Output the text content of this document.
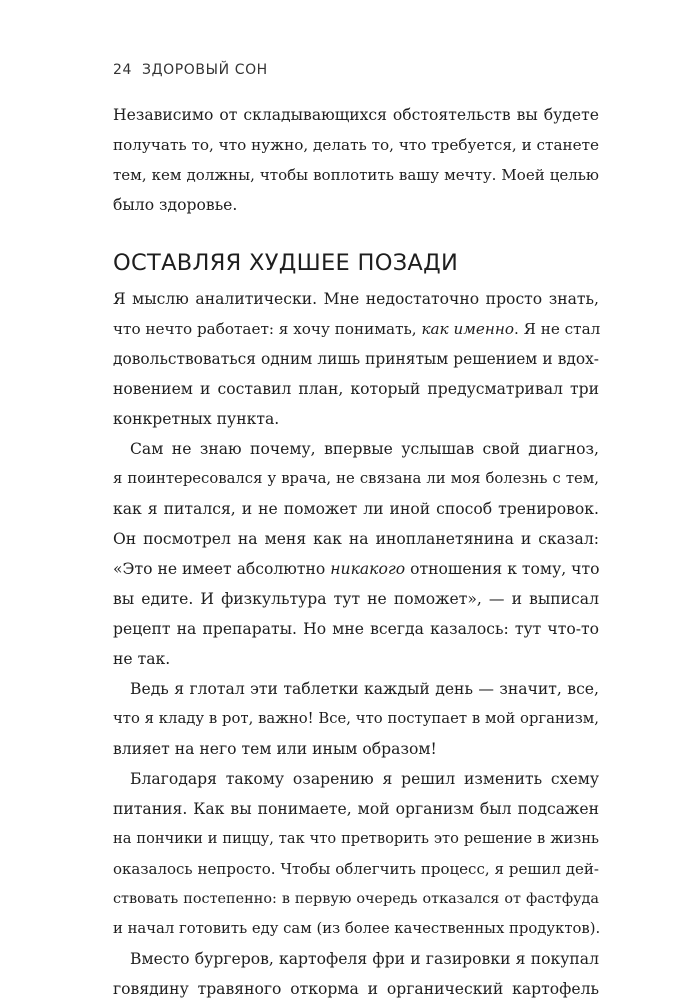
24 ЗДОРОВЫЙ СОН
Независимо от складывающихся обстоятельств вы будете
получать то, что нужно, делать то, что требуется, и станете
тем, кем должны, чтобы воплотить вашу мечту. Моей целью
было здоровье.
ОСТАВЛЯЯ ХУДШЕЕ ПОЗАДИ
Я мыслю аналитически. Мне недостаточно просто знать,
что нечто работает: я хочу понимать, как именно. Я не стал
довольствоваться одним лишь принятым решением и вдох-
новением и составил план, который предусматривал три
конкретных пункта.
Сам не знаю почему, впервые услышав свой диагноз,
я поинтересовался у врача, не связана ли моя болезнь с тем,
как я питался, и не поможет ли иной способ тренировок.
Он посмотрел на меня как на инопланетянина и сказал:
«Это не имеет абсолютно никакого отношения к тому, что
вы едите. И физкультура тут не поможет», — и выписал
рецепт на препараты. Но мне всегда казалось: тут что-то
не так.
Ведь я глотал эти таблетки каждый день — значит, все,
что я кладу в рот, важно! Все, что поступает в мой организм,
влияет на него тем или иным образом!
Благодаря такому озарению я решил изменить схему
питания. Как вы понимаете, мой организм был подсажен
на пончики и пиццу, так что претворить это решение в жизнь
оказалось непросто. Чтобы облегчить процесс, я решил дей-
ствовать постепенно: в первую очередь отказался от фастфуда
и начал готовить еду сам (из более качественных продуктов).
Вместо бургеров, картофеля фри и газировки я покупал
говядину травяного откорма и органический картофель
